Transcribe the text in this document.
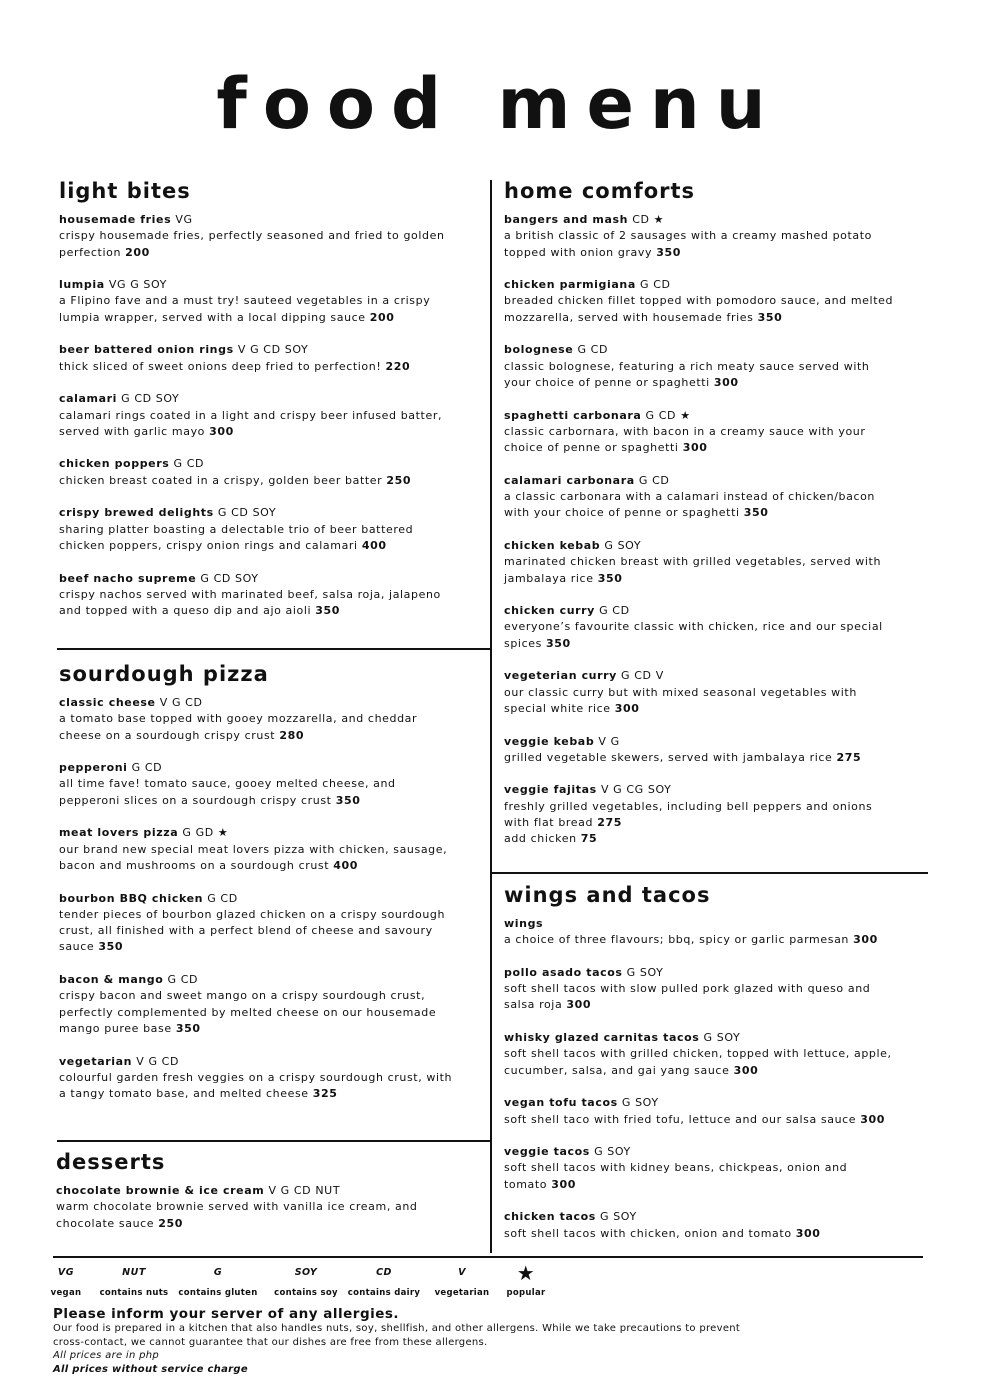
food menu
light bites
housemade fries VG
crispy housemade fries, perfectly seasoned and fried to golden perfection 200
lumpia VG G SOY
a Flipino fave and a must try! sauteed vegetables in a crispy lumpia wrapper, served with a local dipping sauce 200
beer battered onion rings V G CD SOY
thick sliced of sweet onions deep fried to perfection! 220
calamari G CD SOY
calamari rings coated in a light and crispy beer infused batter, served with garlic mayo 300
chicken poppers G CD
chicken breast coated in a crispy, golden beer batter 250
crispy brewed delights G CD SOY
sharing platter boasting a delectable trio of beer battered chicken poppers, crispy onion rings and calamari 400
beef nacho supreme G CD SOY
crispy nachos served with marinated beef, salsa roja, jalapeno and topped with a queso dip and ajo aioli 350
sourdough pizza
classic cheese V G CD
a tomato base topped with gooey mozzarella, and cheddar cheese on a sourdough crispy crust 280
pepperoni G CD
all time fave! tomato sauce, gooey melted cheese, and pepperoni slices on a sourdough crispy crust 350
meat lovers pizza G GD ★
our brand new special meat lovers pizza with chicken, sausage, bacon and mushrooms on a sourdough crust 400
bourbon BBQ chicken G CD
tender pieces of bourbon glazed chicken on a crispy sourdough crust, all finished with a perfect blend of cheese and savoury sauce 350
bacon & mango G CD
crispy bacon and sweet mango on a crispy sourdough crust, perfectly complemented by melted cheese on our housemade mango puree base 350
vegetarian V G CD
colourful garden fresh veggies on a crispy sourdough crust, with a tangy tomato base, and melted cheese 325
desserts
chocolate brownie & ice cream V G CD NUT
warm chocolate brownie served with vanilla ice cream, and chocolate sauce 250
home comforts
bangers and mash CD ★
a british classic of 2 sausages with a creamy mashed potato topped with onion gravy 350
chicken parmigiana G CD
breaded chicken fillet topped with pomodoro sauce, and melted mozzarella, served with housemade fries 350
bolognese G CD
classic bolognese, featuring a rich meaty sauce served with your choice of penne or spaghetti 300
spaghetti carbonara G CD ★
classic carbornara, with bacon in a creamy sauce with your choice of penne or spaghetti 300
calamari carbonara G CD
a classic carbonara with a calamari instead of chicken/bacon with your choice of penne or spaghetti 350
chicken kebab G SOY
marinated chicken breast with grilled vegetables, served with jambalaya rice 350
chicken curry G CD
everyone’s favourite classic with chicken, rice and our special spices 350
vegeterian curry G CD V
our classic curry but with mixed seasonal vegetables with special white rice 300
veggie kebab V G
grilled vegetable skewers, served with jambalaya rice 275
veggie fajitas V G CG SOY
freshly grilled vegetables, including bell peppers and onions with flat bread 275
add chicken 75
wings and tacos
wings
a choice of three flavours; bbq, spicy or garlic parmesan 300
pollo asado tacos G SOY
soft shell tacos with slow pulled pork glazed with queso and salsa roja 300
whisky glazed carnitas tacos G SOY
soft shell tacos with grilled chicken, topped with lettuce, apple, cucumber, salsa, and gai yang sauce 300
vegan tofu tacos G SOY
soft shell taco with fried tofu, lettuce and our salsa sauce 300
veggie tacos G SOY
soft shell tacos with kidney beans, chickpeas, onion and tomato 300
chicken tacos G SOY
soft shell tacos with chicken, onion and tomato 300
VG
vegan
NUT
contains nuts
G
contains gluten
SOY
contains soy
CD
contains dairy
V
vegetarian
★
popular
Please inform your server of any allergies.
Our food is prepared in a kitchen that also handles nuts, soy, shellfish, and other allergens. While we take precautions to prevent cross-contact, we cannot guarantee that our dishes are free from these allergens.
All prices are in php
All prices without service charge
